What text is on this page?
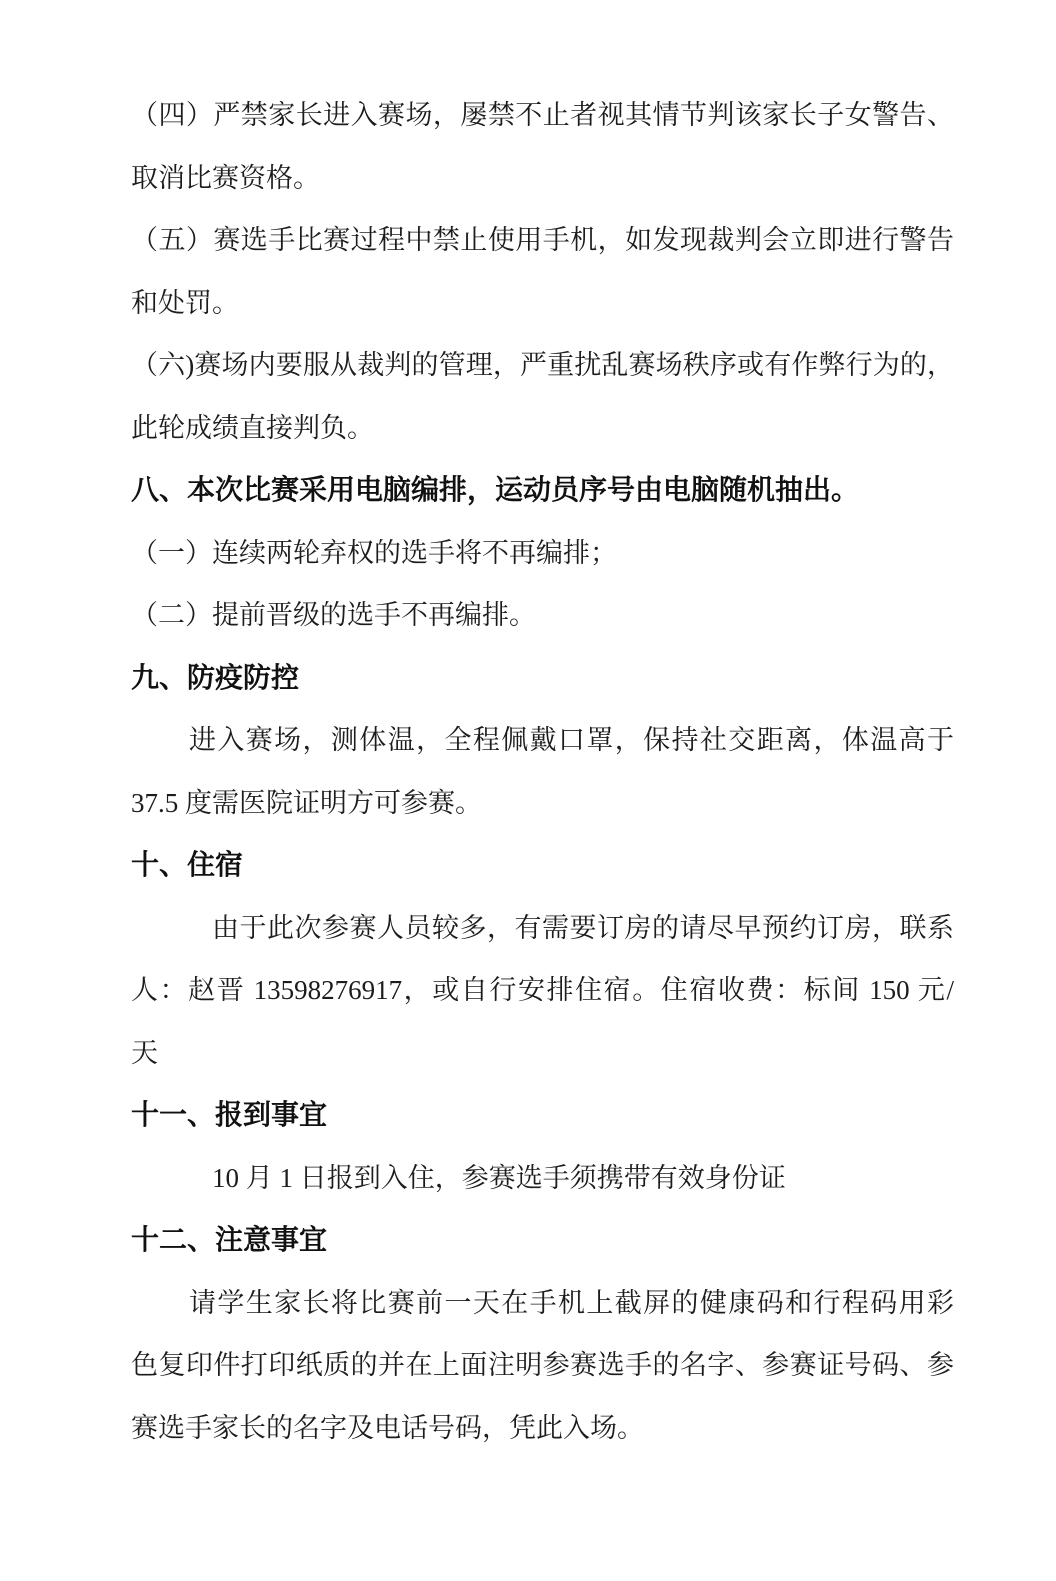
（四）严禁家长进入赛场，屡禁不止者视其情节判该家长子女警告、
取消比赛资格。
（五）赛选手比赛过程中禁止使用手机，如发现裁判会立即进行警告
和处罚。
（六)赛场内要服从裁判的管理，严重扰乱赛场秩序或有作弊行为的，
此轮成绩直接判负。
八、本次比赛采用电脑编排，运动员序号由电脑随机抽出。
（一）连续两轮弃权的选手将不再编排；
（二）提前晋级的选手不再编排。
九、防疫防控
进入赛场，测体温，全程佩戴口罩，保持社交距离，体温高于
37.5 度需医院证明方可参赛。
十、住宿
由于此次参赛人员较多，有需要订房的请尽早预约订房，联系
人：赵晋 13598276917，或自行安排住宿。住宿收费：标间 150 元/
天
十一、报到事宜
10 月 1 日报到入住，参赛选手须携带有效身份证
十二、注意事宜
请学生家长将比赛前一天在手机上截屏的健康码和行程码用彩
色复印件打印纸质的并在上面注明参赛选手的名字、参赛证号码、参
赛选手家长的名字及电话号码，凭此入场。
